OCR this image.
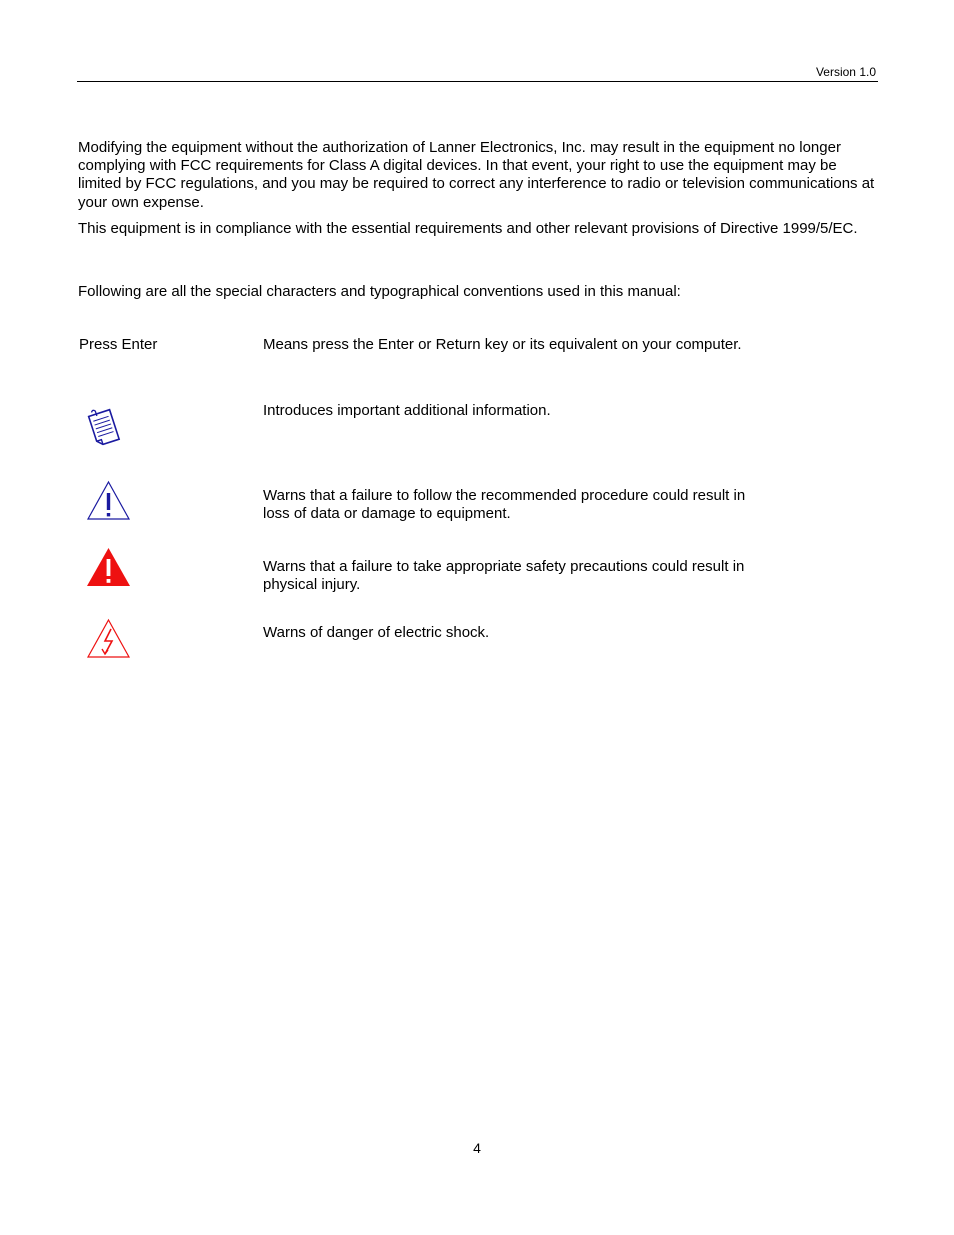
Version 1.0

Modifying the equipment without the authorization of Lanner Electronics, Inc. may result in the equipment no longer complying with FCC requirements for Class A digital devices. In that event, your right to use the equipment may be limited by FCC regulations, and you may be required to correct any interference to radio or television communications at your own expense.

This equipment is in compliance with the essential requirements and other relevant provisions of Directive 1999/5/EC.

Following are all the special characters and typographical conventions used in this manual:

Press Enter	Means press the Enter or Return key or its equivalent on your computer.

Introduces important additional information.

Warns that a failure to follow the recommended procedure could result in loss of data or damage to equipment.

Warns that a failure to take appropriate safety precautions could result in physical injury.

Warns of danger of electric shock.

4
